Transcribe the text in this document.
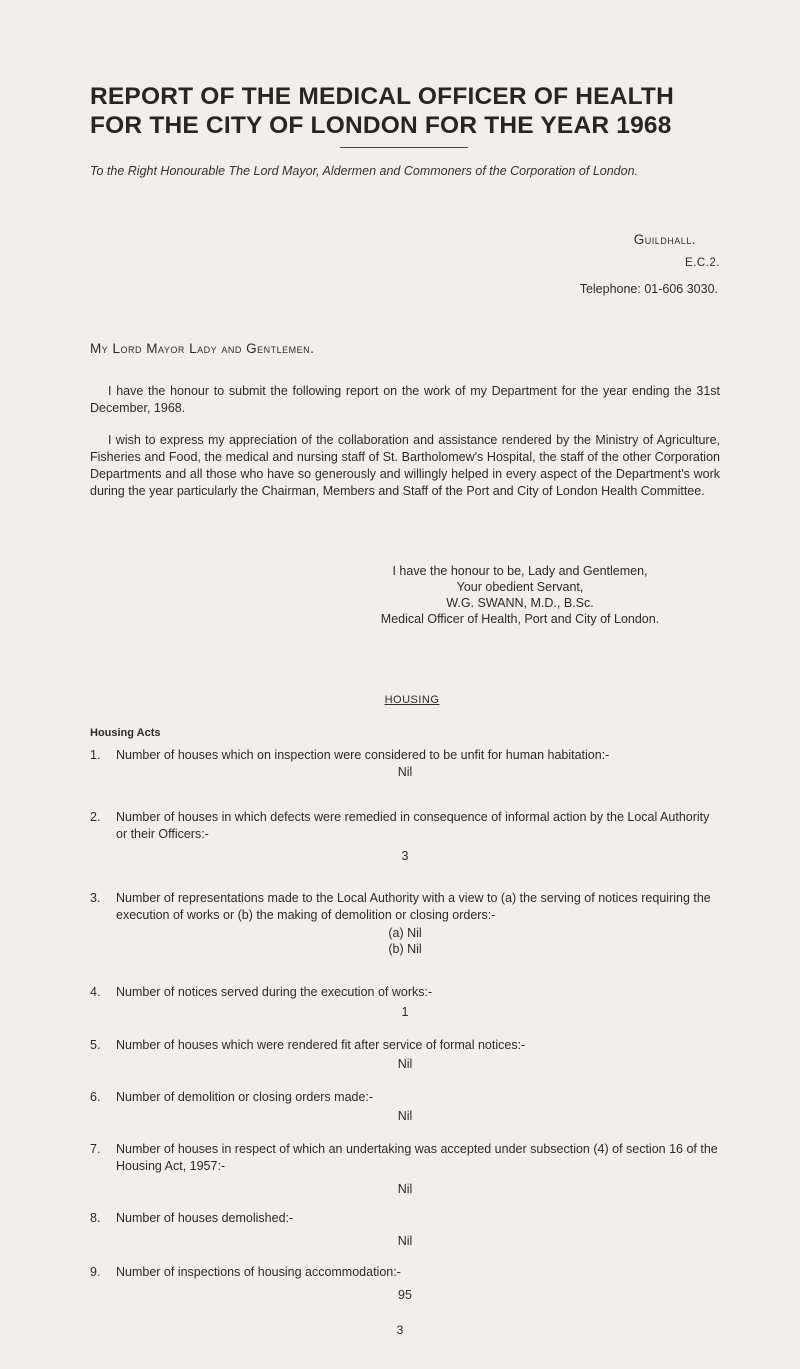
REPORT OF THE MEDICAL OFFICER OF HEALTH
FOR THE CITY OF LONDON FOR THE YEAR 1968
To the Right Honourable The Lord Mayor, Aldermen and Commoners of the Corporation of London.
Guildhall.
E.C.2.
Telephone: 01-606 3030.
My Lord Mayor Lady and Gentlemen.
I have the honour to submit the following report on the work of my Department for the year ending the 31st December, 1968.
I wish to express my appreciation of the collaboration and assistance rendered by the Ministry of Agriculture, Fisheries and Food, the medical and nursing staff of St. Bartholomew's Hospital, the staff of the other Corporation Departments and all those who have so generously and willingly helped in every aspect of the Department's work during the year particularly the Chairman, Members and Staff of the Port and City of London Health Committee.
I have the honour to be, Lady and Gentlemen,
Your obedient Servant,
W.G. SWANN, M.D., B.Sc.
Medical Officer of Health, Port and City of London.
HOUSING
Housing Acts
1. Number of houses which on inspection were considered to be unfit for human habitation:-
Nil
2. Number of houses in which defects were remedied in consequence of informal action by the Local Authority or their Officers:-
3
3. Number of representations made to the Local Authority with a view to (a) the serving of notices requiring the execution of works or (b) the making of demolition or closing orders:-
(a) Nil
(b) Nil
4. Number of notices served during the execution of works:-
1
5. Number of houses which were rendered fit after service of formal notices:-
Nil
6. Number of demolition or closing orders made:-
Nil
7. Number of houses in respect of which an undertaking was accepted under subsection (4) of section 16 of the Housing Act, 1957:-
Nil
8. Number of houses demolished:-
Nil
9. Number of inspections of housing accommodation:-
95
3
